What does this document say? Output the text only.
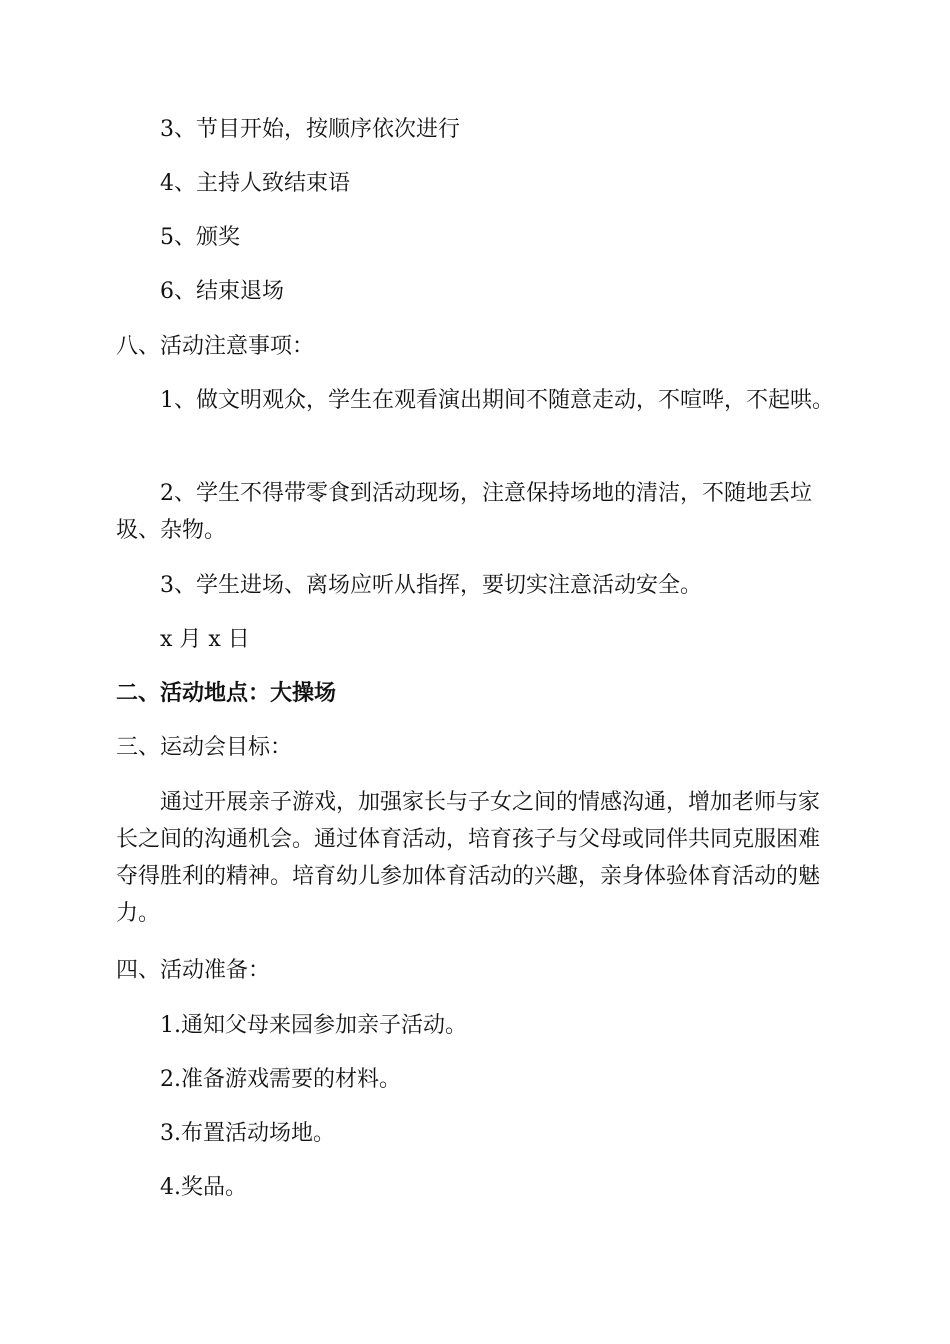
3、节目开始，按顺序依次进行

4、主持人致结束语

5、颁奖

6、结束退场

八、活动注意事项：

1、做文明观众，学生在观看演出期间不随意走动，不喧哗，不起哄。

2、学生不得带零食到活动现场，注意保持场地的清洁，不随地丢垃圾、杂物。

3、学生进场、离场应听从指挥，要切实注意活动安全。

x 月 x 日

二、活动地点：大操场

三、运动会目标：

通过开展亲子游戏，加强家长与子女之间的情感沟通，增加老师与家长之间的沟通机会。通过体育活动，培育孩子与父母或同伴共同克服困难夺得胜利的精神。培育幼儿参加体育活动的兴趣，亲身体验体育活动的魅力。

四、活动准备：

1.通知父母来园参加亲子活动。

2.准备游戏需要的材料。

3.布置活动场地。

4.奖品。
